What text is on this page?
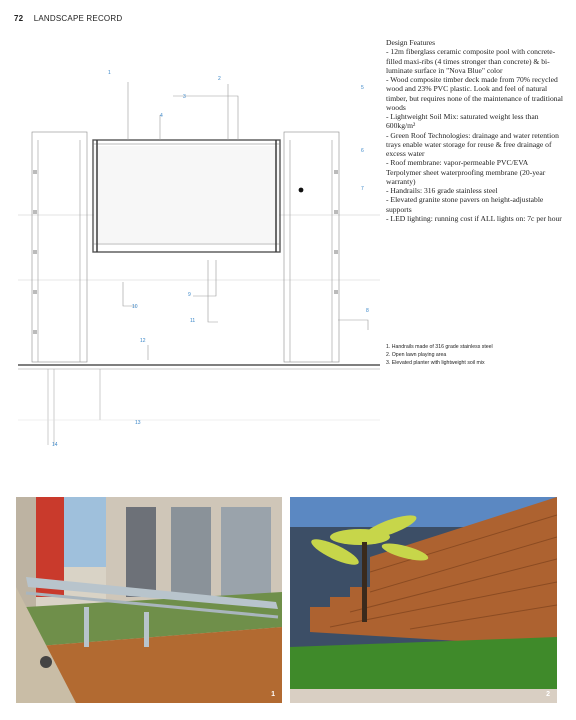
72 LANDSCAPE RECORD
1
2
3
4
5
6
7
8
9
10
11
12
13
14
Design Features
- 12m fiberglass ceramic composite pool with concrete-filled maxi-ribs (4 times stronger than concrete) & bi-luminate surface in "Nova Blue" color
- Wood composite timber deck made from 70% recycled wood and 23% PVC plastic. Look and feel of natural timber, but requires none of the maintenance of traditional woods
- Lightweight Soil Mix: saturated weight less than 600kg/m²
- Green Roof Technologies: drainage and water retention trays enable water storage for reuse & free drainage of excess water
- Roof membrane: vapor-permeable PVC/EVA Terpolymer sheet waterproofing membrane (20-year warranty)
- Handrails: 316 grade stainless steel
- Elevated granite stone pavers on height-adjustable supports
- LED lighting: running cost if ALL lights on: 7c per hour
1. Handrails made of 316 grade stainless steel
2. Open lawn playing area
3. Elevated planter with lightweight soil mix
1	2
